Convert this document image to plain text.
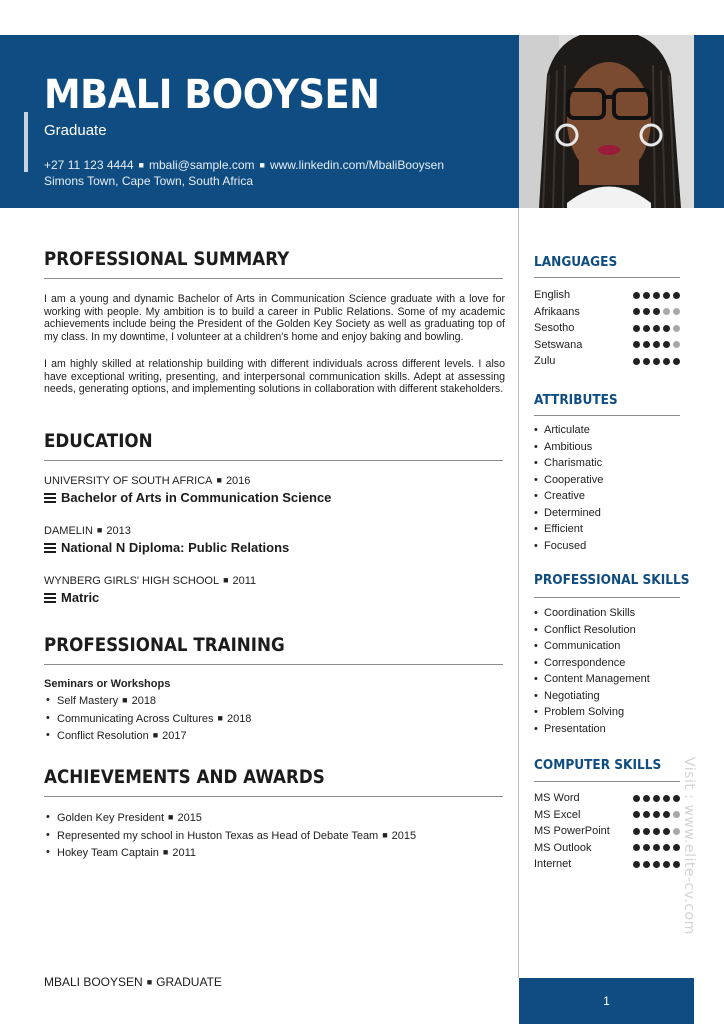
MBALI BOOYSEN
Graduate
+27 11 123 4444 ■ mbali@sample.com ■ www.linkedin.com/MbaliBooysen
Simons Town, Cape Town, South Africa
PROFESSIONAL SUMMARY

I am a young and dynamic Bachelor of Arts in Communication Science graduate with a love for working with people. My ambition is to build a career in Public Relations. Some of my academic achievements include being the President of the Golden Key Society as well as graduating top of my class. In my downtime, I volunteer at a children's home and enjoy baking and bowling.

I am highly skilled at relationship building with different individuals across different levels. I also have exceptional writing, presenting, and interpersonal communication skills. Adept at assessing needs, generating options, and implementing solutions in collaboration with different stakeholders.

EDUCATION
UNIVERSITY OF SOUTH AFRICA ■ 2016
Bachelor of Arts in Communication Science
DAMELIN ■ 2013
National N Diploma: Public Relations
WYNBERG GIRLS' HIGH SCHOOL ■ 2011
Matric
PROFESSIONAL TRAINING
Seminars or Workshops
• Self Mastery ■ 2018
• Communicating Across Cultures ■ 2018
• Conflict Resolution ■ 2017
ACHIEVEMENTS AND AWARDS
• Golden Key President ■ 2015
• Represented my school in Huston Texas as Head of Debate Team ■ 2015
• Hokey Team Captain ■ 2011
LANGUAGES
English
Afrikaans
Sesotho
Setswana
Zulu
ATTRIBUTES
• Articulate
• Ambitious
• Charismatic
• Cooperative
• Creative
• Determined
• Efficient
• Focused
PROFESSIONAL SKILLS
• Coordination Skills
• Conflict Resolution
• Communication
• Correspondence
• Content Management
• Negotiating
• Problem Solving
• Presentation
COMPUTER SKILLS
MS Word
MS Excel
MS PowerPoint
MS Outlook
Internet	Visit : www.elite-cv.com
MBALI BOOYSEN ■ GRADUATE
1
